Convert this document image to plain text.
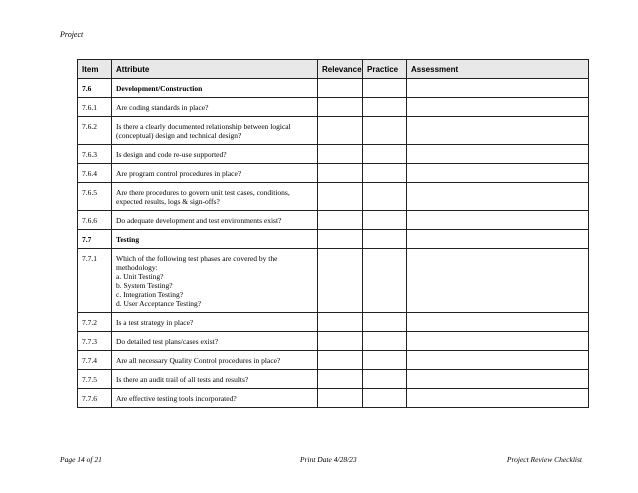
Project
Item	Attribute	Relevance	Practice	Assessment
7.6	Development/Construction			
7.6.1	Are coding standards in place?			
7.6.2	Is there a clearly documented relationship between logical (conceptual) design and technical design?			
7.6.3	Is design and code re-use supported?			
7.6.4	Are program control procedures in place?			
7.6.5	Are there procedures to govern unit test cases, conditions, expected results, logs & sign-offs?			
7.6.6	Do adequate development and test environments exist?			
7.7	Testing			
7.7.1	Which of the following test phases are covered by the methodology:
a. Unit Testing?
b. System Testing?
c. Integration Testing?
d. User Acceptance Testing?			
7.7.2	Is a test strategy in place?			
7.7.3	Do detailed test plans/cases exist?			
7.7.4	Are all necessary Quality Control procedures in place?			
7.7.5	Is there an audit trail of all tests and results?			
7.7.6	Are effective testing tools incorporated?			
Page 14 of 21	Print Date 4/28/23	Project Review Checklist
